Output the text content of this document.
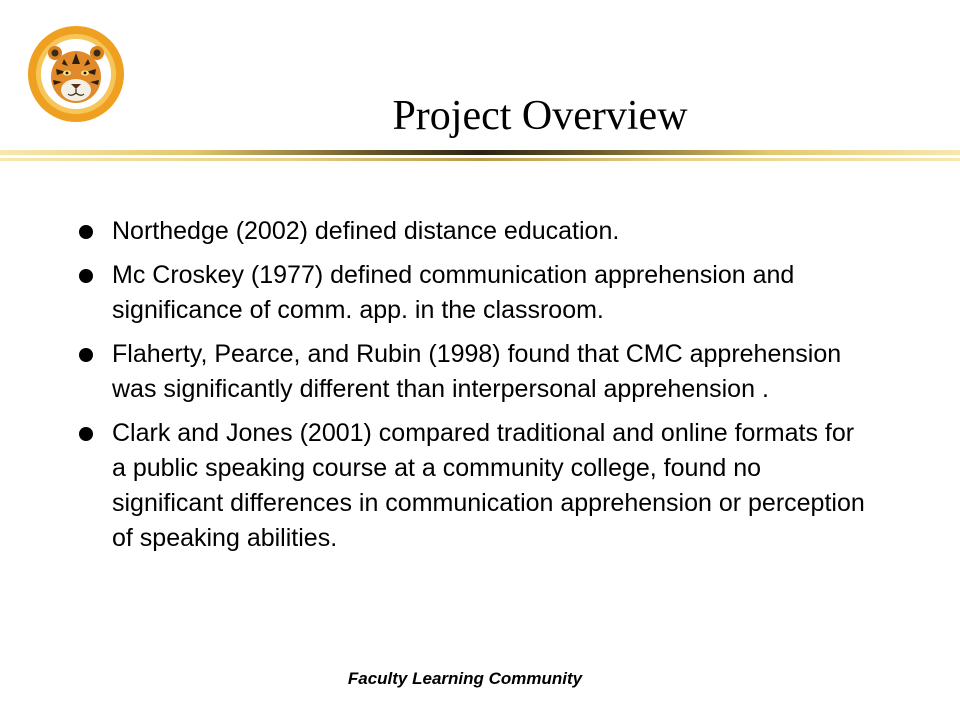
Project Overview
Northedge (2002) defined distance education.
Mc Croskey (1977) defined communication apprehension and significance of comm. app. in the classroom.
Flaherty, Pearce, and Rubin (1998) found that CMC apprehension was significantly different than interpersonal apprehension .
Clark and Jones (2001) compared traditional and online formats for a public speaking course at a community college, found no significant differences in communication apprehension or perception of speaking abilities.
Faculty Learning Community
